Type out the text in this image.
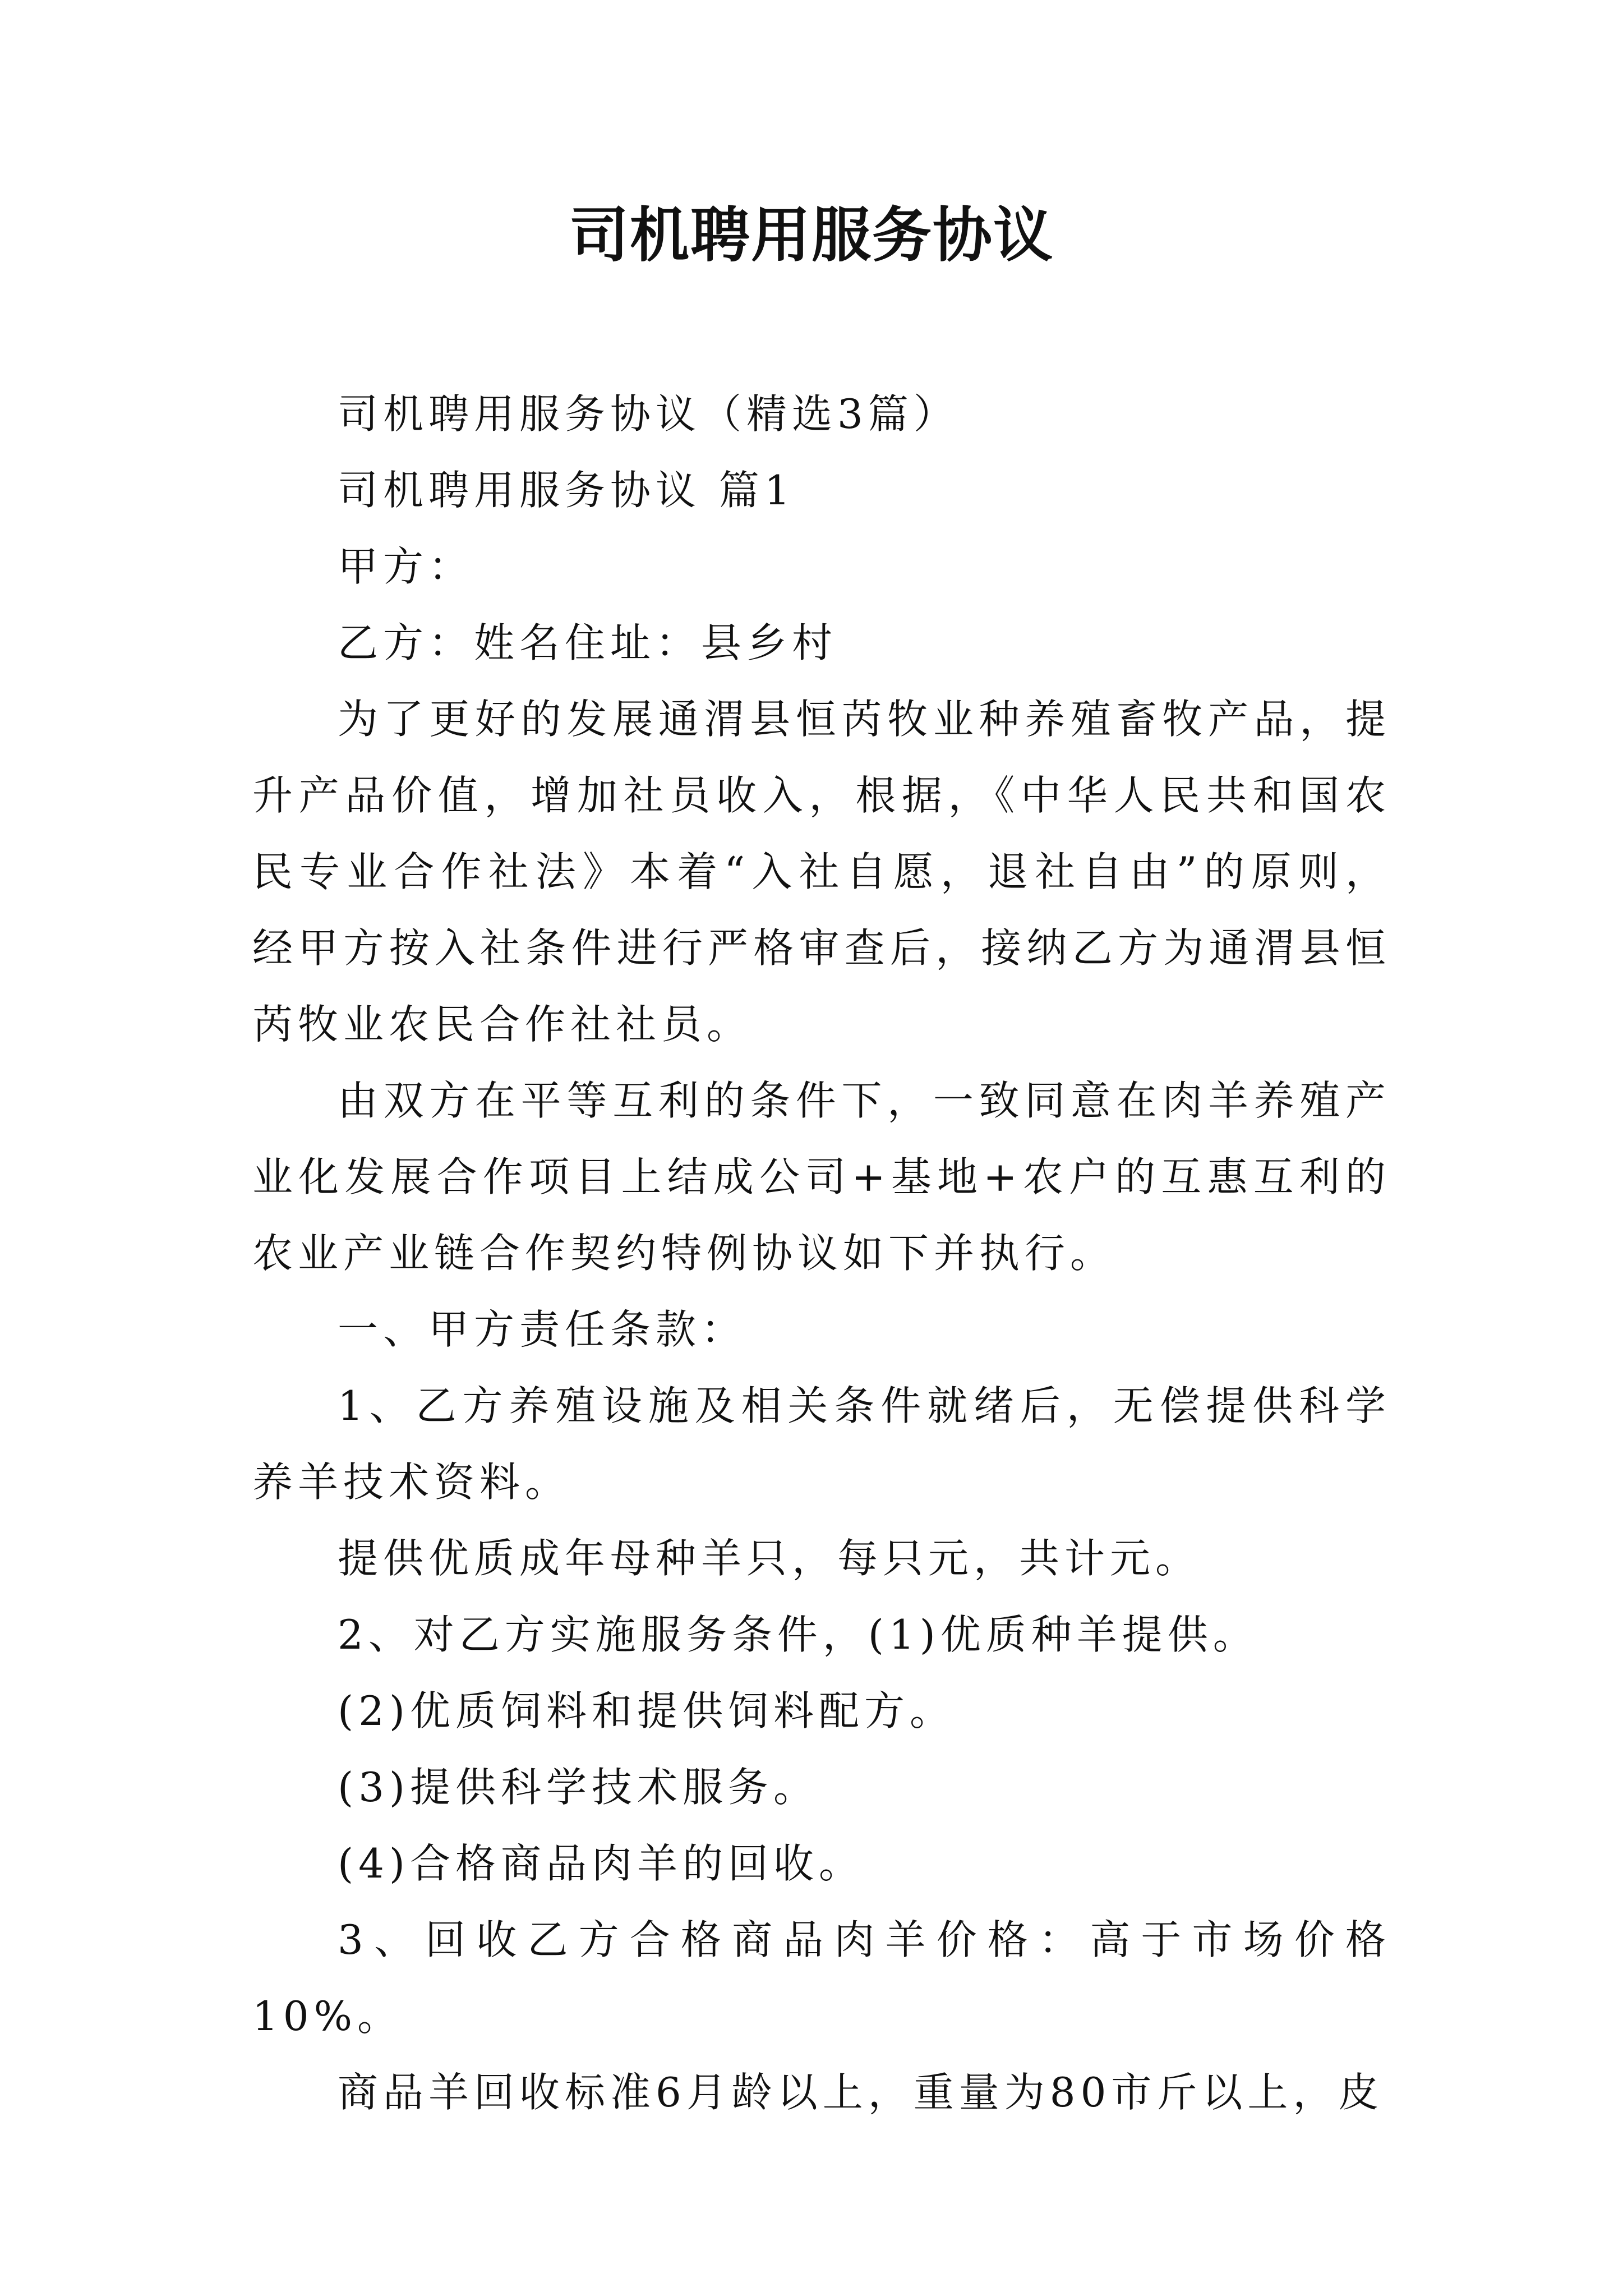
司机聘用服务协议

司机聘用服务协议（精选3篇）

司机聘用服务协议 篇1

甲方：

乙方：姓名住址：县乡村

为了更好的发展通渭县恒芮牧业种养殖畜牧产品，提升产品价值，增加社员收入，根据，《中华人民共和国农民专业合作社法》本着“入社自愿，退社自由”的原则，经甲方按入社条件进行严格审查后，接纳乙方为通渭县恒芮牧业农民合作社社员。

由双方在平等互利的条件下，一致同意在肉羊养殖产业化发展合作项目上结成公司+基地+农户的互惠互利的农业产业链合作契约特例协议如下并执行。

一、甲方责任条款：

1、乙方养殖设施及相关条件就绪后，无偿提供科学养羊技术资料。

提供优质成年母种羊只，每只元，共计元。

2、对乙方实施服务条件，(1)优质种羊提供。

(2)优质饲料和提供饲料配方。

(3)提供科学技术服务。

(4)合格商品肉羊的回收。

3、回收乙方合格商品肉羊价格：高于市场价格10%。

商品羊回收标准6月龄以上，重量为80市斤以上，皮
